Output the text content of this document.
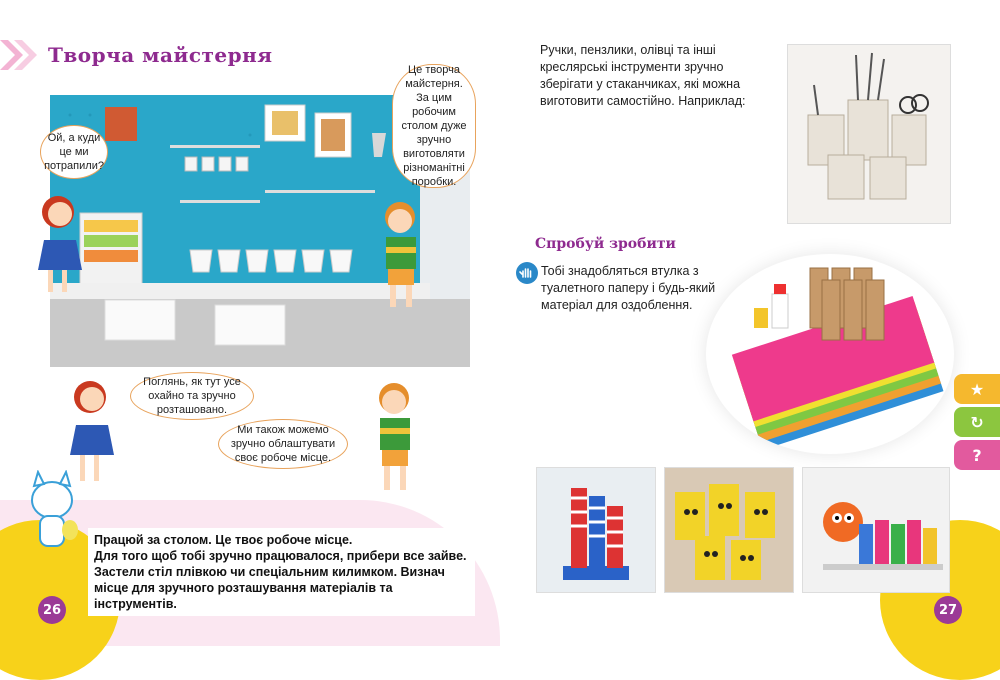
Творча майстерня
Ой, а куди це ми потрапили?
Це творча майстерня. За цим робочим столом дуже зручно виготовляти різноманітні поробки.
Поглянь, як тут усе охайно та зручно розташовано.
Ми також можемо зручно облаштувати своє робоче місце.
Працюй за столом. Це твоє робоче місце.
Для того щоб тобі зручно працювалося, прибери все зайве.
Застели стіл плівкою чи спеціальним килимком. Визнач
місце для зручного розташування матеріалів та інструментів.
26
Ручки, пензлики, олівці та інші
креслярські інструменти зручно
зберігати у стаканчиках, які можна
виготовити самостійно. Наприклад:
Спробуй зробити
Тобі знадобляться втулка з
туалетного паперу і будь-який
матеріал для оздоблення.
★
↻
?
27
